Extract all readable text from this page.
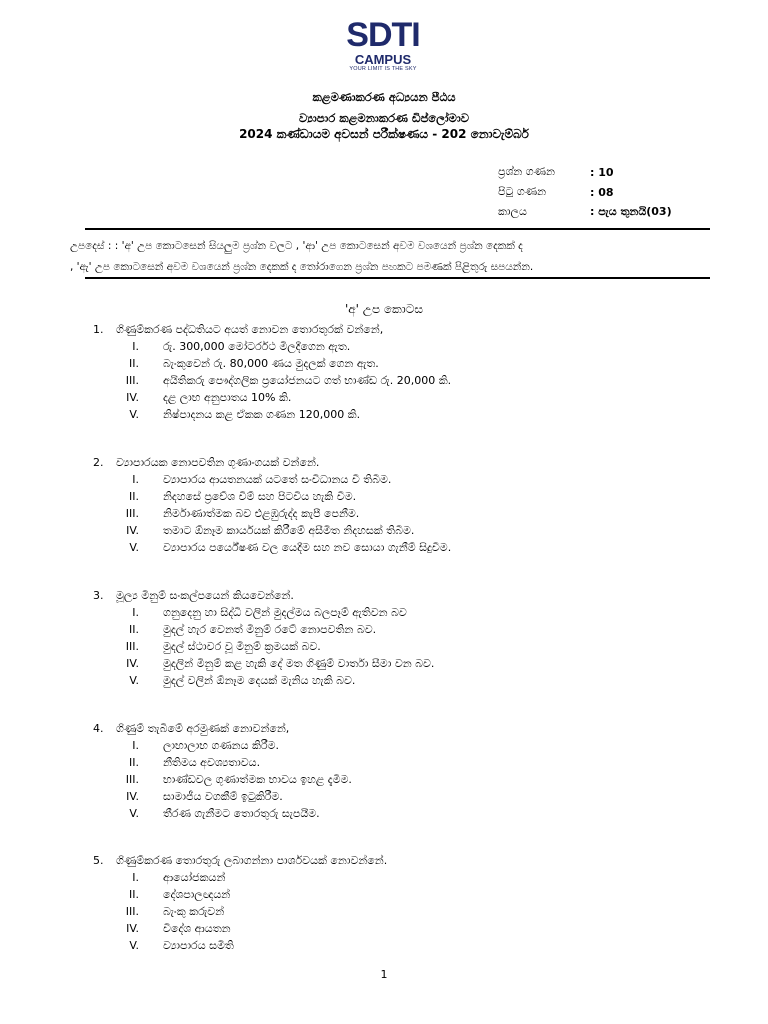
SDTI
CAMPUS
YOUR LIMIT IS THE SKY
කළමණාකරණ අධ්‍යයන පීඨය
ව්‍යාපාර කළමනාකරණ ඩිප්ලෝමාව
2024 කණ්ඩායම අවසන් පරීක්ෂණය - 202 නොවැම්බර්
ප්‍රශ්න ගණන	: 10
පිටු ගණන	: 08
කාලය	: පැය තුනයි(03)
උපදෙස් : : 'අ' උප කොටසෙන් සියලුම ප්‍රශ්න වලට , 'ආ' උප කොටසෙන් අවම වශයෙන් ප්‍රශ්න දෙකක් ද
, 'ඇ' උප කොටසෙන් අවම වශයෙන් ප්‍රශ්න දෙකක් ද තෝරාගෙන ප්‍රශ්න පහකට පමණක් පිළිතුරු සපයන්න.
'අ' උප කොටස
1.	ගිණුම්කරණ පද්ධතියට අයත් නොවන තොරතුරක් වන්නේ,
I.	රු. 300,000 මෝටර්රථ මිලදීගෙන ඇත.
II.	බැංකුවෙන් රු. 80,000 ණය මුදලක් ගෙන ඇත.
III.	අයිතිකරු පෞද්ගලික ප්‍රයෝජනයට ගත් භාණ්ඩ රු. 20,000 කි.
IV.	දළ ලාභ අනුපාතය 10% කි.
V.	නිෂ්පාදනය කළ ඒකක ගණන 120,000 කි.
2.	ව්‍යාපාරයක නොපවතින ගුණාංගයක් වන්නේ.
I.	ව්‍යාපාරය ආයතනයක් යටතේ සංවිධානය වී තිබීම.
II.	නිදහසේ ප්‍රවේශ වීම් සහ පිටවිය හැකි වීම.
III.	නිර්මාණාත්මක බව එළඹුරුද්ද කැපී පෙනීම.
IV.	තමාට ඕනෑම කාර්යයක් කිරීමේ අසීමිත නිදහසක් තිබීම.
V.	ව්‍යාපාරය පර්යේෂණ වල යෙදීම සහ නව සොයා ගැනීම් සිදුවීම.
3.	මූල්‍ය මිනුම් සංකල්පයෙන් කියවෙන්නේ.
I.	ගනුදෙනු හා සිද්ධි වලින් මුදල්මය බලපෑම් ඇතිවන බව
II.	මුදල් හැර වෙනත් මිනුම් රටේ නොපවතින බව.
III.	මුදල් ස්ථාවර වූ මිනුම් ක්‍රමයක් බව.
IV.	මුදලින් මිනුම් කළ හැකි දේ මත ගිණුම් වාර්තා සීමා වන බව.
V.	මුදල් වලින් ඕනෑම දෙයක් මැනිය හැකි බව.
4.	ගිණුම් තැබීමේ අරමුණක් නොවන්නේ,
I.	ලාභාලාභ ගණනය කිරීම.
II.	නීතිමය අවශ්‍යතාවය.
III.	භාණ්ඩවල ගුණාත්මක භාවය ඉහළ දැමීම.
IV.	සාමාජීය වගකීම් ඉටුකිරීම.
V.	තීරණ ගැනීමට තොරතුරු සැපයීම.
5.	ගිණුම්කරණ තොරතුරු ලබාගන්නා පාර්ශවයක් නොවන්නේ.
I.	ආයෝජකයන්
II.	දේශපාලඥයන්
III.	බැංකු කරුවන්
IV.	විදේශ ආයතන
V.	ව්‍යාපාරය සමිති
1
